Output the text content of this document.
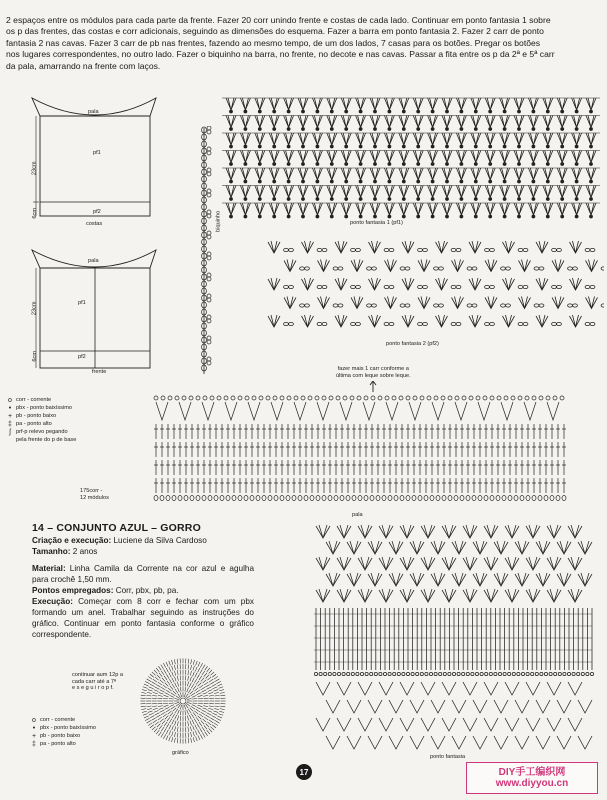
2 espaços entre os módulos para cada parte da frente. Fazer 20 corr unindo frente e costas de cada lado. Continuar em ponto fantasia 1 sobre
os p das frentes, das costas e corr adicionais, seguindo as dimensões do esquema. Fazer a barra em ponto fantasia 2. Fazer 2 carr de ponto
fantasia 2 nas cavas. Fazer 3 carr de pb nas frentes, fazendo ao mesmo tempo, de um dos lados, 7 casas para os botões. Pregar os botões
nos lugares correspondentes, no outro lado. Fazer o biquinho na barra, no frente, no decote e nas cavas. Passar a fita entre os p da 2ª e 5ª carr
da pala, amarrando na frente com laços.
pala
pf1
pf2
costas
23cm
6cm
pala
pf1
pf2
frente
23cm
6cm
biquinho	ponto fantasia 1 (pf1)
ponto fantasia 2 (pf2)
o corr - corrente
• pbx - ponto baixíssimo
+ pb - ponto baixo
‡ pa - ponto alto
ʃ prf-p relevo pegando
pela frente do p de base
fazer mais 1 carr conforme a
última com leque sobre leque.
175corr -
12 módulos
pala
14 – CONJUNTO AZUL – GORRO
Criação e execução: Luciene da Silva Cardoso
Tamanho: 2 anos
Material: Linha Camila da Corrente na cor azul e agulha para crochê 1,50 mm.
Pontos empregados: Corr, pbx, pb, pa.
Execução: Começar com 8 corr e fechar com um pbx formando um anel. Trabalhar seguindo as instruções do gráfico. Continuar em ponto fantasia conforme o gráfico correspondente.
continuar aum 12p a
cada carr até a 7ª
e s e g u i r o p f.
gráfico
o corr - corrente
• pbx - ponto baixíssimo
+ pb - ponto baixo
‡ pa - ponto alto
ponto fantasia
17	DIY手工编织网 www.diyyou.cn
